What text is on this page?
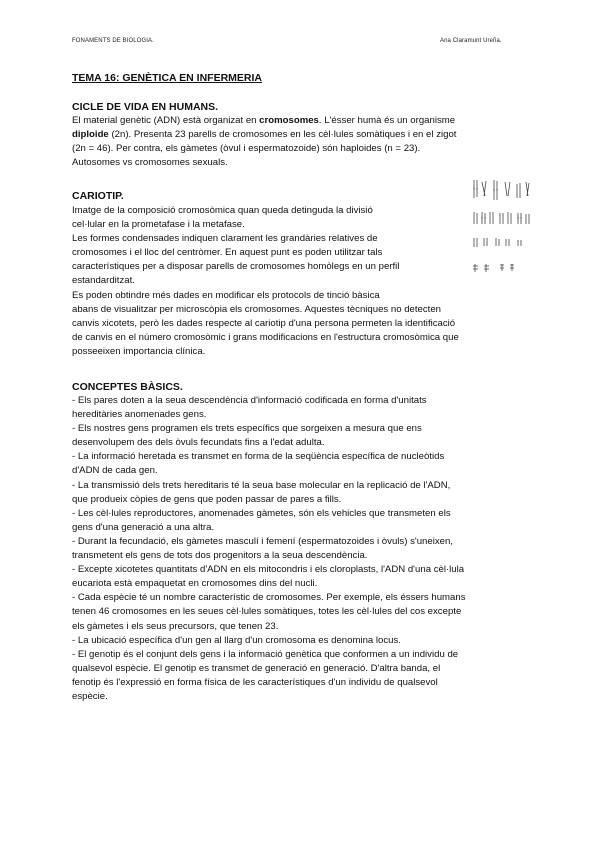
FONAMENTS DE BIOLOGIA.	Ana Claramunt Ureña.
TEMA 16: GENÈTICA EN INFERMERIA
CICLE DE VIDA EN HUMANS.

El material genètic (ADN) està organizat en cromosomes. L'ésser humà és un organisme

diploide (2n). Presenta 23 parells de cromosomes en les cèl·lules somàtiques i en el zigot

(2n = 46). Per contra, els gàmetes (òvul i espermatozoide) són haploides (n = 23).

Autosomes vs cromosomes sexuals.

CARIOTIP.

Imatge de la composició cromosòmica quan queda detinguda la divisió

cel·lular en la prometafase i la metafase.

Les formes condensades indiquen clarament les grandàries relatives de

cromosomes i el lloc del centròmer. En aquest punt es poden utilitzar tals

característiques per a disposar parells de cromosomes homòlegs en un perfil

estandarditzat.

Es poden obtindre més dades en modificar els protocols de tinció bàsica

abans de visualitzar per microscòpia els cromosomes. Aquestes tècniques no detecten

canvis xicotets, però les dades respecte al cariotip d'una persona permeten la identificació

de canvis en el número cromosòmic i grans modificacions en l'estructura cromosòmica que

posseeixen importancia clínica.

CONCEPTES BÀSICS.

- Els pares doten a la seua descendència d'informació codificada en forma d'unitats

hereditàries anomenades gens.

- Els nostres gens programen els trets específics que sorgeixen a mesura que ens

desenvolupem des dels òvuls fecundats fins a l'edat adulta.

- La informació heretada es transmet en forma de la seqüència específica de nucleòtids

d'ADN de cada gen.

- La transmissió dels trets hereditaris té la seua base molecular en la replicació de l'ADN,

que produeix còpies de gens que poden passar de pares a fills.

- Les cèl·lules reproductores, anomenades gàmetes, són els vehicles que transmeten els

gens d'una generació a una altra.

- Durant la fecundació, els gàmetes masculí i femení (espermatozoides i òvuls) s'uneixen,

transmetent els gens de tots dos progenitors a la seua descendència.

- Excepte xicotetes quantitats d'ADN en els mitocondris i els cloroplasts, l'ADN d'una cèl·lula

eucariota està empaquetat en cromosomes dins del nucli.

- Cada espècie té un nombre característic de cromosomes. Per exemple, els éssers humans

tenen 46 cromosomes en les seues cèl·lules somàtiques, totes les cèl·lules del cos excepte

els gàmetes i els seus precursors, que tenen 23.

- La ubicació específica d'un gen al llarg d'un cromosoma es denomina locus.

- El genotip és el conjunt dels gens i la informació genètica que conformen a un individu de

qualsevol espècie. El genotip es transmet de generació en generació. D'altra banda, el

fenotip és l'expressió en forma física de les característiques d'un individu de qualsevol

espècie.
